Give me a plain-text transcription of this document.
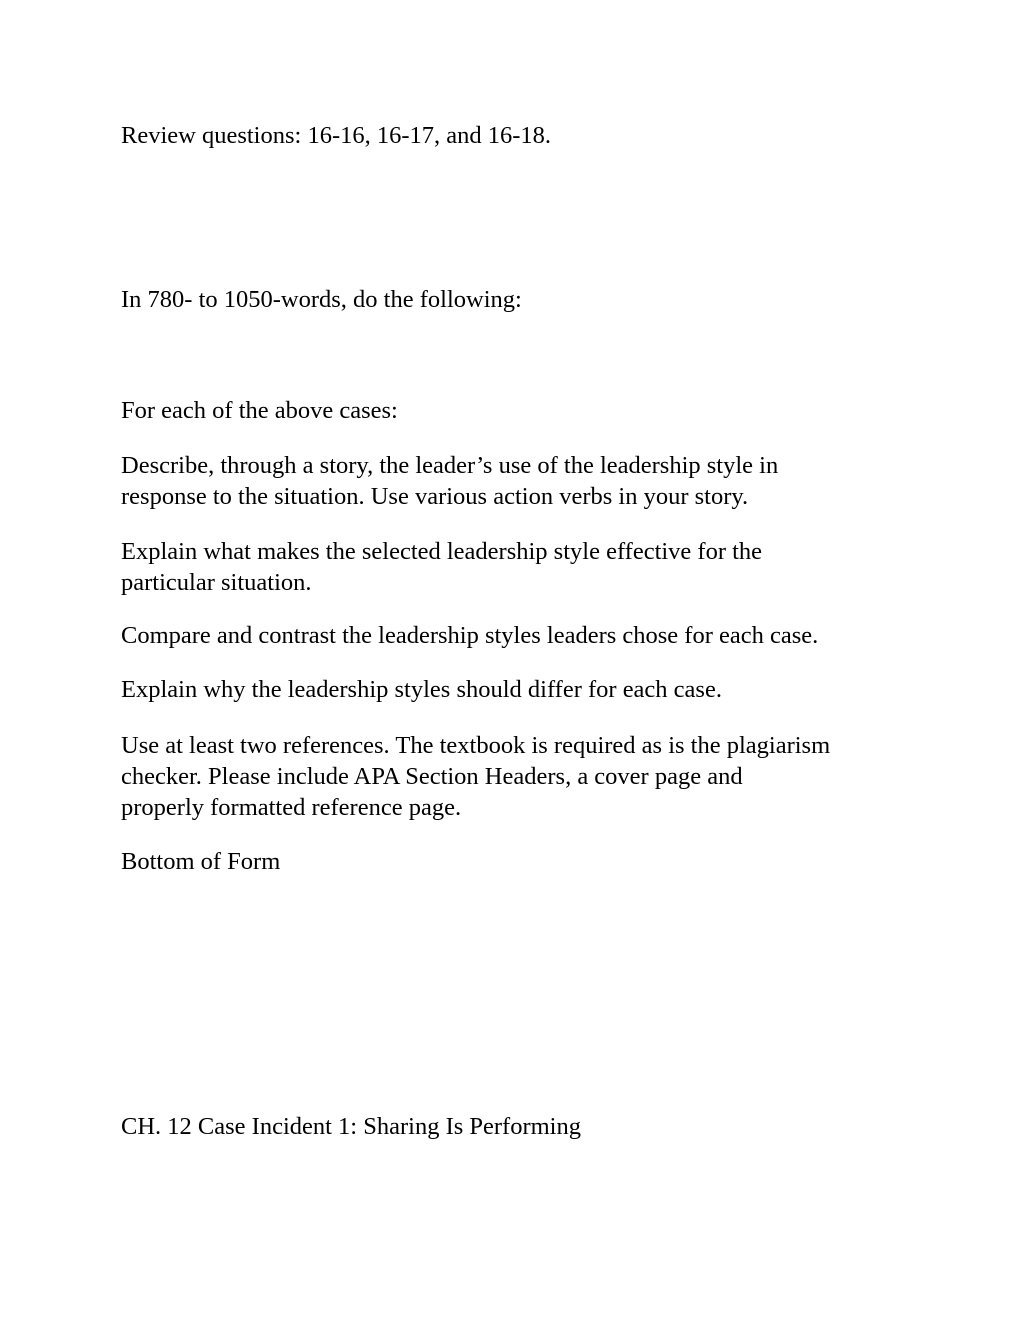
Review questions: 16-16, 16-17, and 16-18.

In 780- to 1050-words, do the following:

For each of the above cases:

Describe, through a story, the leader’s use of the leadership style in
response to the situation. Use various action verbs in your story.
Explain what makes the selected leadership style effective for the
particular situation.

Compare and contrast the leadership styles leaders chose for each case.

Explain why the leadership styles should differ for each case.

Use at least two references. The textbook is required as is the plagiarism
checker. Please include APA Section Headers, a cover page and
properly formatted reference page.

Bottom of Form

CH. 12 Case Incident 1: Sharing Is Performing
